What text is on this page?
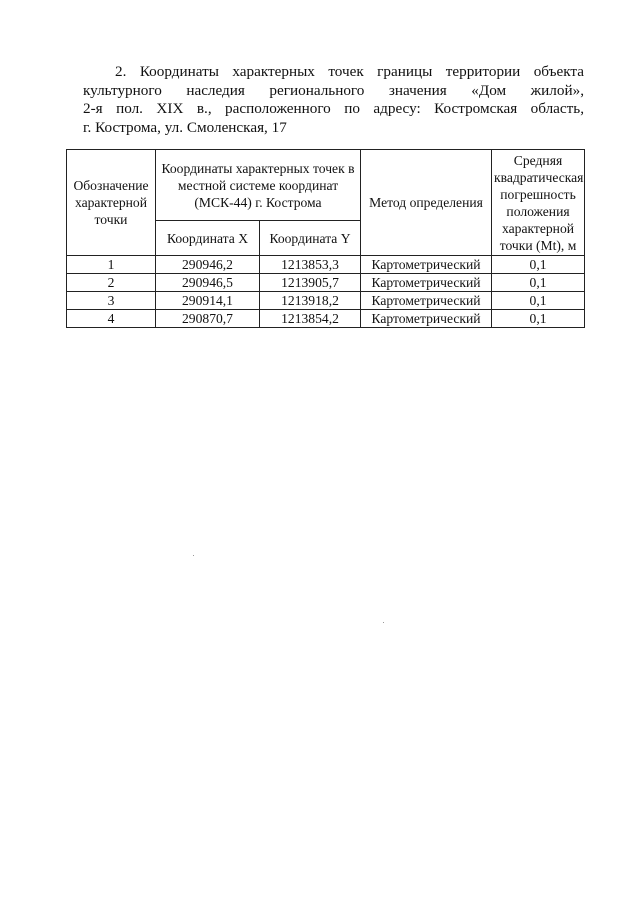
2. Координаты характерных точек границы территории объекта
культурного наследия регионального значения «Дом жилой»,
2-я пол. XIX в., расположенного по адресу: Костромская область,
г. Кострома, ул. Смоленская, 17
Обозначение характерной точки	Координаты характерных точек в местной системе координат (МСК-44) г. Кострома		Метод определения	Средняя квадратическая погрешность положения характерной точки (Mt), м
	Координата X	Координата Y		
1	290946,2	1213853,3	Картометрический	0,1
2	290946,5	1213905,7	Картометрический	0,1
3	290914,1	1213918,2	Картометрический	0,1
4	290870,7	1213854,2	Картометрический	0,1
